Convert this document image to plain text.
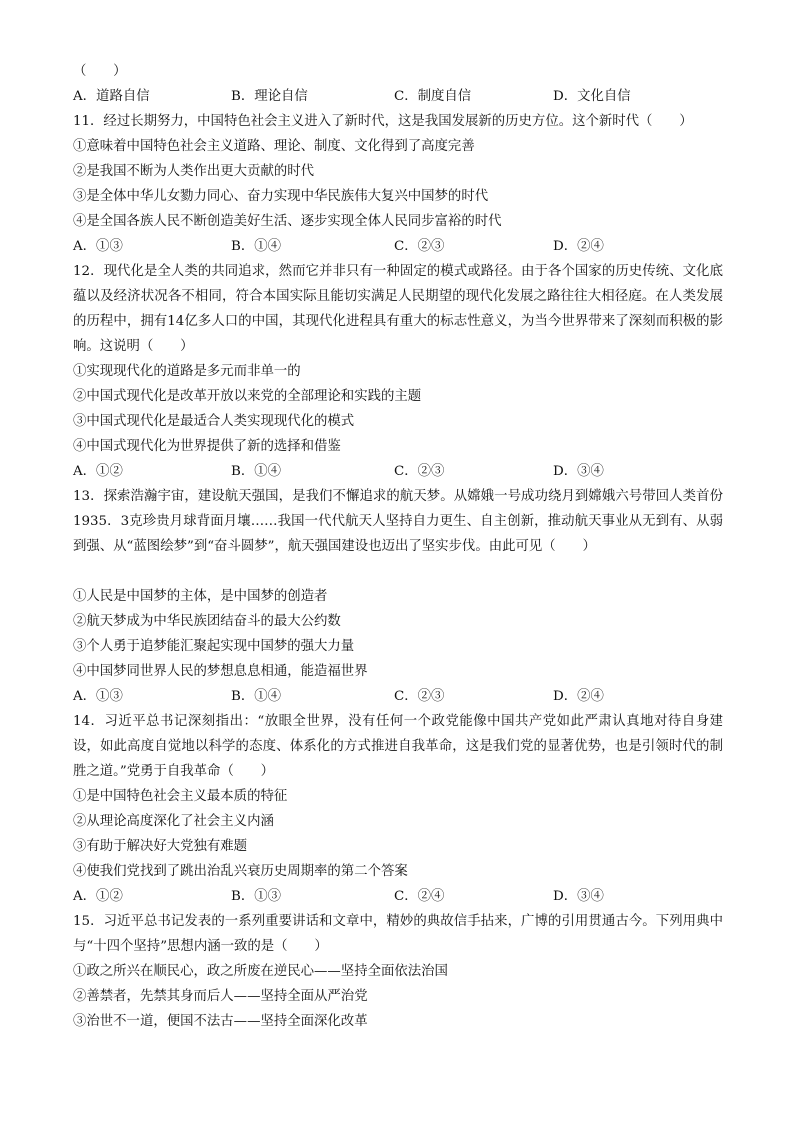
（　　）
A．道路自信	B．理论自信	C．制度自信	D．文化自信
11．经过长期努力，中国特色社会主义进入了新时代，这是我国发展新的历史方位。这个新时代（　　）
①意味着中国特色社会主义道路、理论、制度、文化得到了高度完善
②是我国不断为人类作出更大贡献的时代
③是全体中华儿女勠力同心、奋力实现中华民族伟大复兴中国梦的时代
④是全国各族人民不断创造美好生活、逐步实现全体人民同步富裕的时代
A．①③	B．①④	C．②③	D．②④
12．现代化是全人类的共同追求，然而它并非只有一种固定的模式或路径。由于各个国家的历史传统、文化底蕴以及经济状况各不相同，符合本国实际且能切实满足人民期望的现代化发展之路往往大相径庭。在人类发展的历程中，拥有14亿多人口的中国，其现代化进程具有重大的标志性意义，为当今世界带来了深刻而积极的影响。这说明（　　）
①实现现代化的道路是多元而非单一的
②中国式现代化是改革开放以来党的全部理论和实践的主题
③中国式现代化是最适合人类实现现代化的模式
④中国式现代化为世界提供了新的选择和借鉴
A．①②	B．①④	C．②③	D．③④
13．探索浩瀚宇宙，建设航天强国，是我们不懈追求的航天梦。从嫦娥一号成功绕月到嫦娥六号带回人类首份1935．3克珍贵月球背面月壤……我国一代代航天人坚持自力更生、自主创新，推动航天事业从无到有、从弱到强、从“蓝图绘梦”到“奋斗圆梦”，航天强国建设也迈出了坚实步伐。由此可见（　　）
①人民是中国梦的主体，是中国梦的创造者
②航天梦成为中华民族团结奋斗的最大公约数
③个人勇于追梦能汇聚起实现中国梦的强大力量
④中国梦同世界人民的梦想息息相通，能造福世界
A．①③	B．①④	C．②③	D．②④
14．习近平总书记深刻指出：“放眼全世界，没有任何一个政党能像中国共产党如此严肃认真地对待自身建设，如此高度自觉地以科学的态度、体系化的方式推进自我革命，这是我们党的显著优势，也是引领时代的制胜之道。”党勇于自我革命（　　）
①是中国特色社会主义最本质的特征
②从理论高度深化了社会主义内涵
③有助于解决好大党独有难题
④使我们党找到了跳出治乱兴衰历史周期率的第二个答案
A．①②	B．①③	C．②④	D．③④
15．习近平总书记发表的一系列重要讲话和文章中，精妙的典故信手拈来，广博的引用贯通古今。下列用典中与“十四个坚持”思想内涵一致的是（　　）
①政之所兴在顺民心，政之所废在逆民心——坚持全面依法治国
②善禁者，先禁其身而后人——坚持全面从严治党
③治世不一道，便国不法古——坚持全面深化改革
